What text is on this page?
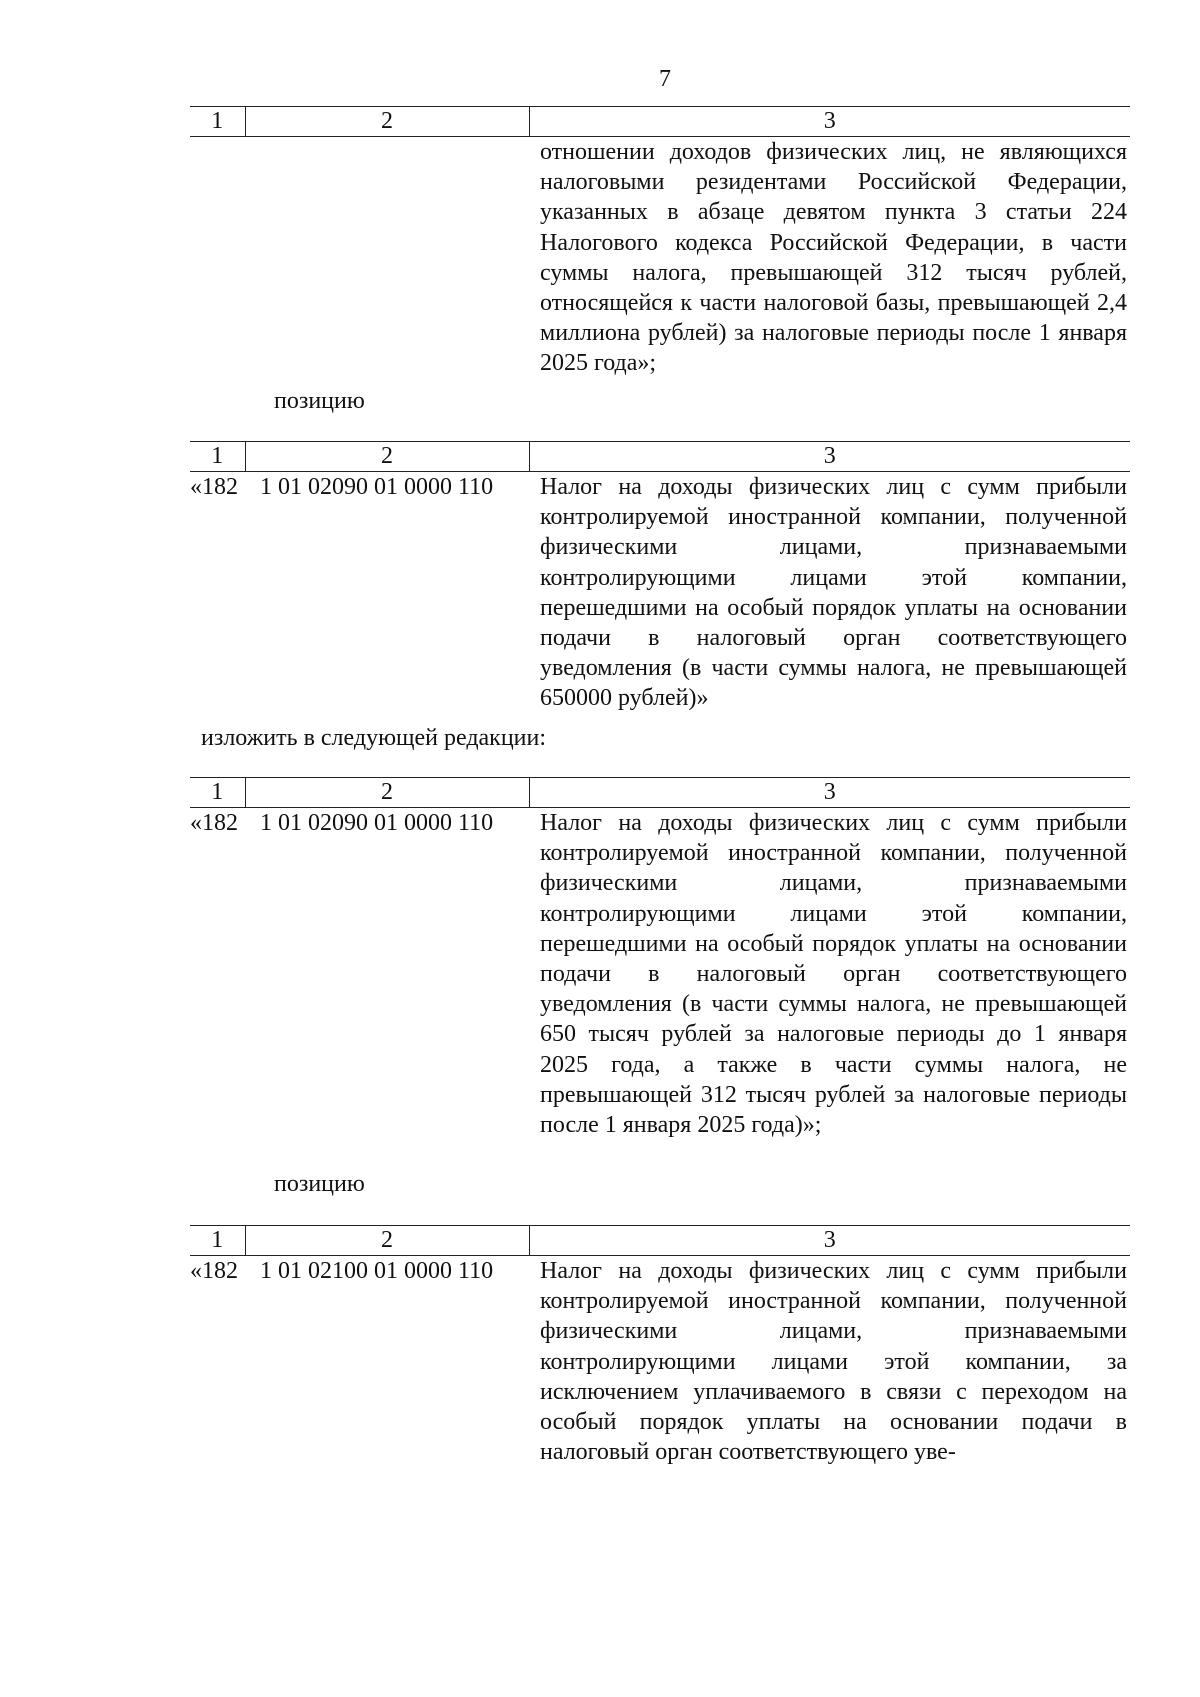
7
1	2	3
		отношении доходов физических лиц, не являющихся налоговыми резидентами Российской Федерации, указанных в абзаце девятом пункта 3 статьи 224 Налогового кодекса Российской Федерации, в части суммы налога, превышающей 312 тысяч рублей, относящейся к части налоговой базы, превышающей 2,4 миллиона рублей) за налоговые периоды после 1 января 2025 года»;
позицию
1	2	3
«182	1 01 02090 01 0000 110	Налог на доходы физических лиц с сумм прибыли контролируемой иностранной компании, полученной физическими лицами, признаваемыми контролирующими лицами этой компании, перешедшими на особый порядок уплаты на основании подачи в налоговый орган соответствующего уведомления (в части суммы налога, не превышающей 650000 рублей)»
изложить в следующей редакции:
1	2	3
«182	1 01 02090 01 0000 110	Налог на доходы физических лиц с сумм прибыли контролируемой иностранной компании, полученной физическими лицами, признаваемыми контролирующими лицами этой компании, перешедшими на особый порядок уплаты на основании подачи в налоговый орган соответствующего уведомления (в части суммы налога, не превышающей 650 тысяч рублей за налоговые периоды до 1 января 2025 года, а также в части суммы налога, не превышающей 312 тысяч рублей за налоговые периоды после 1 января 2025 года)»;
позицию
1	2	3
«182	1 01 02100 01 0000 110	Налог на доходы физических лиц с сумм прибыли контролируемой иностранной компании, полученной физическими лицами, признаваемыми контролирующими лицами этой компании, за исключением уплачиваемого в связи с переходом на особый порядок уплаты на основании подачи в налоговый орган соответствующего уве-
